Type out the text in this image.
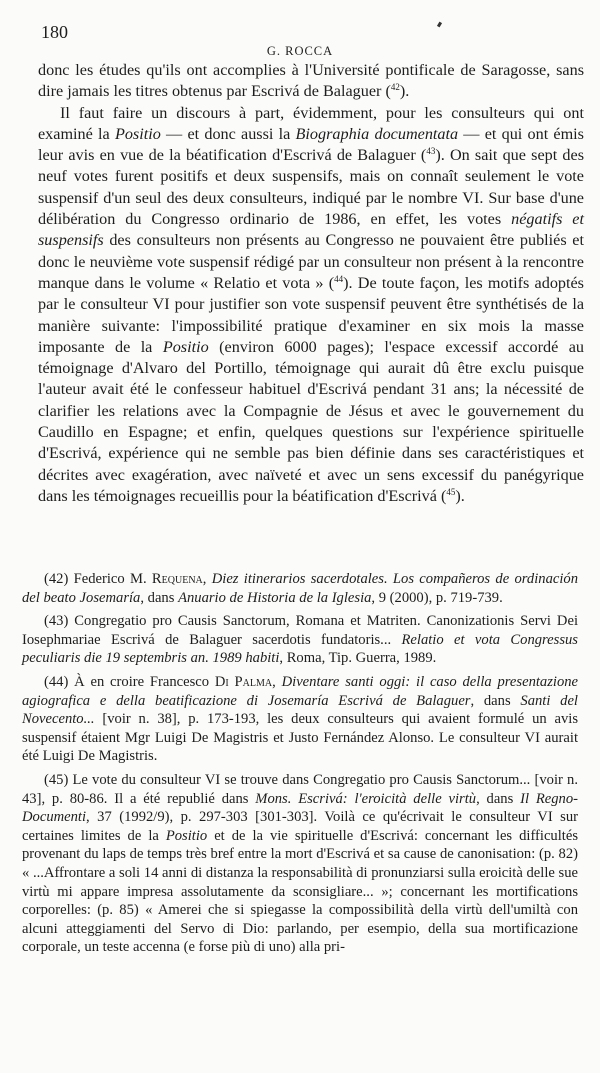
180
G. ROCCA

donc les études qu'ils ont accomplies à l'Université pontificale de Saragosse, sans dire jamais les titres obtenus par Escrivá de Balaguer ($^{42}$).

Il faut faire un discours à part, évidemment, pour les consulteurs qui ont examiné la Positio — et donc aussi la Biographia documentata — et qui ont émis leur avis en vue de la béatification d'Escrivá de Balaguer ($^{43}$). On sait que sept des neuf votes furent positifs et deux suspensifs, mais on connaît seulement le vote suspensif d'un seul des deux consulteurs, indiqué par le nombre VI. Sur base d'une délibération du Congresso ordinario de 1986, en effet, les votes négatifs et suspensifs des consulteurs non présents au Congresso ne pouvaient être publiés et donc le neuvième vote suspensif rédigé par un consulteur non présent à la rencontre manque dans le volume « Relatio et vota » ($^{44}$). De toute façon, les motifs adoptés par le consulteur VI pour justifier son vote suspensif peuvent être synthétisés de la manière suivante: l'impossibilité pratique d'examiner en six mois la masse imposante de la Positio (environ 6000 pages); l'espace excessif accordé au témoignage d'Alvaro del Portillo, témoignage qui aurait dû être exclu puisque l'auteur avait été le confesseur habituel d'Escrivá pendant 31 ans; la nécessité de clarifier les relations avec la Compagnie de Jésus et avec le gouvernement du Caudillo en Espagne; et enfin, quelques questions sur l'expérience spirituelle d'Escrivá, expérience qui ne semble pas bien définie dans ses caractéristiques et décrites avec exagération, avec naïveté et avec un sens excessif du panégyrique dans les témoignages recueillis pour la béatification d'Escrivá ($^{45}$).

(42) Federico M. Requena, Diez itinerarios sacerdotales. Los compañeros de ordinación del beato Josemaría, dans Anuario de Historia de la Iglesia, 9 (2000), p. 719-739.

(43) Congregatio pro Causis Sanctorum, Romana et Matriten. Canonizationis Servi Dei Iosephmariae Escrivá de Balaguer sacerdotis fundatoris... Relatio et vota Congressus peculiaris die 19 septembris an. 1989 habiti, Roma, Tip. Guerra, 1989.

(44) À en croire Francesco Di Palma, Diventare santi oggi: il caso della presentazione agiografica e della beatificazione di Josemaría Escrivá de Balaguer, dans Santi del Novecento... [voir n. 38], p. 173-193, les deux consulteurs qui avaient formulé un avis suspensif étaient Mgr Luigi De Magistris et Justo Fernández Alonso. Le consulteur VI aurait été Luigi De Magistris.

(45) Le vote du consulteur VI se trouve dans Congregatio pro Causis Sanctorum... [voir n. 43], p. 80-86. Il a été republié dans Mons. Escrivá: l'eroicità delle virtù, dans Il Regno-Documenti, 37 (1992/9), p. 297-303 [301-303]. Voilà ce qu'écrivait le consulteur VI sur certaines limites de la Positio et de la vie spirituelle d'Escrivá: concernant les difficultés provenant du laps de temps très bref entre la mort d'Escrivá et sa cause de canonisation: (p. 82) « ...Affrontare a soli 14 anni di distanza la responsabilità di pronunziarsi sulla eroicità delle sue virtù mi appare impresa assolutamente da sconsigliare... »; concernant les mortifications corporelles: (p. 85) « Amerei che si spiegasse la compossibilità della virtù dell'umiltà con alcuni atteggiamenti del Servo di Dio: parlando, per esempio, della sua mortificazione corporale, un teste accenna (e forse più di uno) alla pri-
